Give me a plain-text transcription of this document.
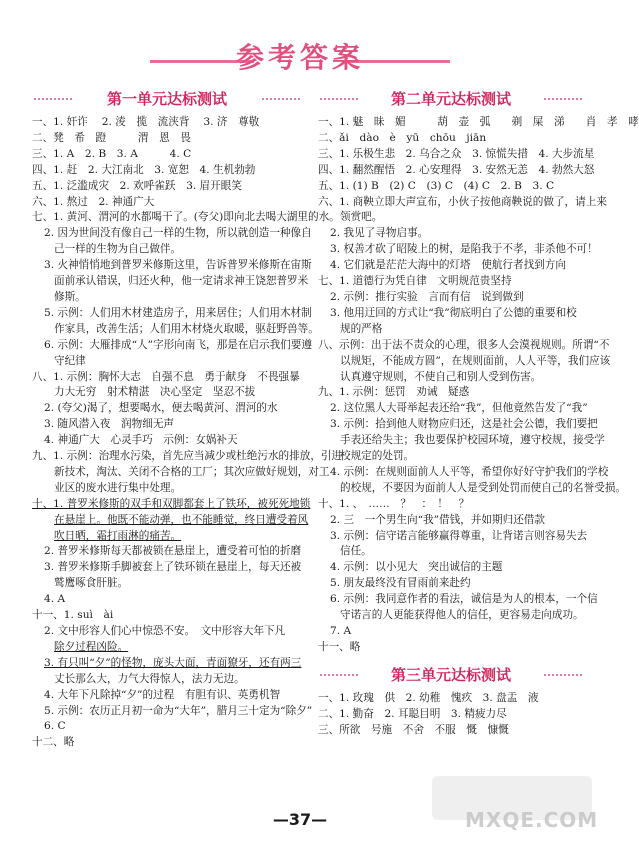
参考答案
第一单元达标测试
一、1. 奸诈　 2. 淩　揽　流浃背　 3. 济　尊敬
二、凳　希　蹬　　　渭　恩　畏
三、1. A　2. B　3. A　　　4. C
四、1. 赶　2. 大江南北　3. 宽恕　4. 生机勃勃
五、1. 泛滥成灾　2. 欢呼雀跃　3. 眉开眼笑
六、1. 熬过　2. 神通广大
七、1. 黄河、渭河的水都喝干了。(夸父)即向北去喝大湖里的水。
2. 因为世间没有像自己一样的生物，所以就创造一种像自
己一样的生物为自己做伴。
3. 火神悄悄地到普罗米修斯这里，告诉普罗米修斯在宙斯
面前承认错误，归还火种，他一定请求神王饶恕普罗米
修斯。
5. 示例：人们用木材建造房子，用来居住；人们用木材制
作家具，改善生活；人们用木材烧火取暖，驱赶野兽等。
6. 示例：大雁排成“人”字形向南飞，那是在启示我们要遵
守纪律
八、1. 示例：胸怀大志　自强不息　勇于献身　不畏强暴
力大无穷　射术精湛　决心坚定　坚忍不拔
2. (夸父)渴了，想要喝水，便去喝黄河、渭河的水
3. 随风潜入夜　润物细无声
4. 神通广大　心灵手巧　示例：女娲补天
九、1. 示例：治理水污染，首先应当减少或杜绝污水的排放，引进
新技术，淘汰、关闭不合格的工厂；其次应做好规划，对工
业区的废水进行集中处理。
十、1. 普罗米修斯的双手和双脚都套上了铁环，被死死地锁
在悬崖上。他既不能动弹，也不能睡觉，终日遭受着风
吹日晒，霜打雨淋的痛苦。
2. 普罗米修斯每天都被锁在悬崖上，遭受着可怕的折磨
3. 普罗米修斯手脚被套上了铁环锁在悬崖上，每天还被
鹫鹰啄食肝脏。
4. A
十一、1. suì　ài
2. 文中形容人们心中惊恐不安。　文中形容大年下凡
除夕过程凶险。
3. 有只叫“夕”的怪物，庞头大面，青面獠牙，还有两三
丈长那么大，力气大得惊人，法力无边。
4. 大年下凡除掉“夕”的过程　有胆有识、英勇机智
5. 示例：农历正月初一命为“大年”，腊月三十定为“除夕”
6. C
十二、略
第二单元达标测试
一、1. 魅　昧　媚　　　葫　壶　弧　　剃　屎　涕　　肖　孝　哮
二、ǎi　dào　è　yū　chōu　jiān
三、1. 乐极生悲　2. 乌合之众　3. 惊慌失措　4. 大步流星
四、1. 翻然醒悟　2. 心安理得　3. 安然无恙　4. 勃然大怒
五、1. (1) B　(2) C　(3) C　(4) C　2. B　3. C
六、1. 商鞅立即大声宣布，小伙子按他商鞅说的做了，请上来
领赏吧。
2. 我见了寻物启事。
3. 权善才砍了昭陵上的树，是陷我于不孝，非杀他不可！
4. 它们就是茫茫大海中的灯塔　使航行者找到方向
七、1. 道德行为凭自律　文明规范贵坚持
2. 示例：推行实验　言而有信　说到做到
3. 他用迂回的方式让“我”彻底明白了公德的重要和校
规的严格
八、示例：出于法不责众的心理，很多人会漠视规则。所谓“不
以规矩，不能成方圆”，在规则面前，人人平等，我们应该
认真遵守规则，不使自己和别人受到伤害。
九、1. 示例：惩罚　劝诫　疑惑
2. 这位黑人大哥举起表还给“我”，但他竟然告发了“我”
3. 示例：拾到他人财物应归还，这是社会公德，我们要把
手表还给失主；我也要保护校园环境，遵守校规，接受学
校规定的处罚。
4. 示例：在规则面前人人平等，希望你好好守护我们的学校
的校规，不要因为面前人人是受到处罚而使自己的名誉受损。
十、1. 、　……　？　：　！　？
2. 三　一个男生向“我”借钱，并如期归还借款
3. 示例：信守诺言能够赢得尊重，让背诺言则容易失去
信任。
4. 示例：以小见大　突出诚信的主题
5. 朋友最终没有冒雨前来赴约
6. 示例：我同意作者的看法，诚信是为人的根本，一个信
守诺言的人更能获得他人的信任，更容易走向成功。
7. A
十一、略
第三单元达标测试
一、1. 玫瑰　供　2. 幼稚　愧疚　3. 盘盂　液
二、1. 勤奋　2. 耳聪目明　3. 精疲力尽
三、所欲　号施　不舍　不服　慨　慷慨
MXQE.COM
—37—
